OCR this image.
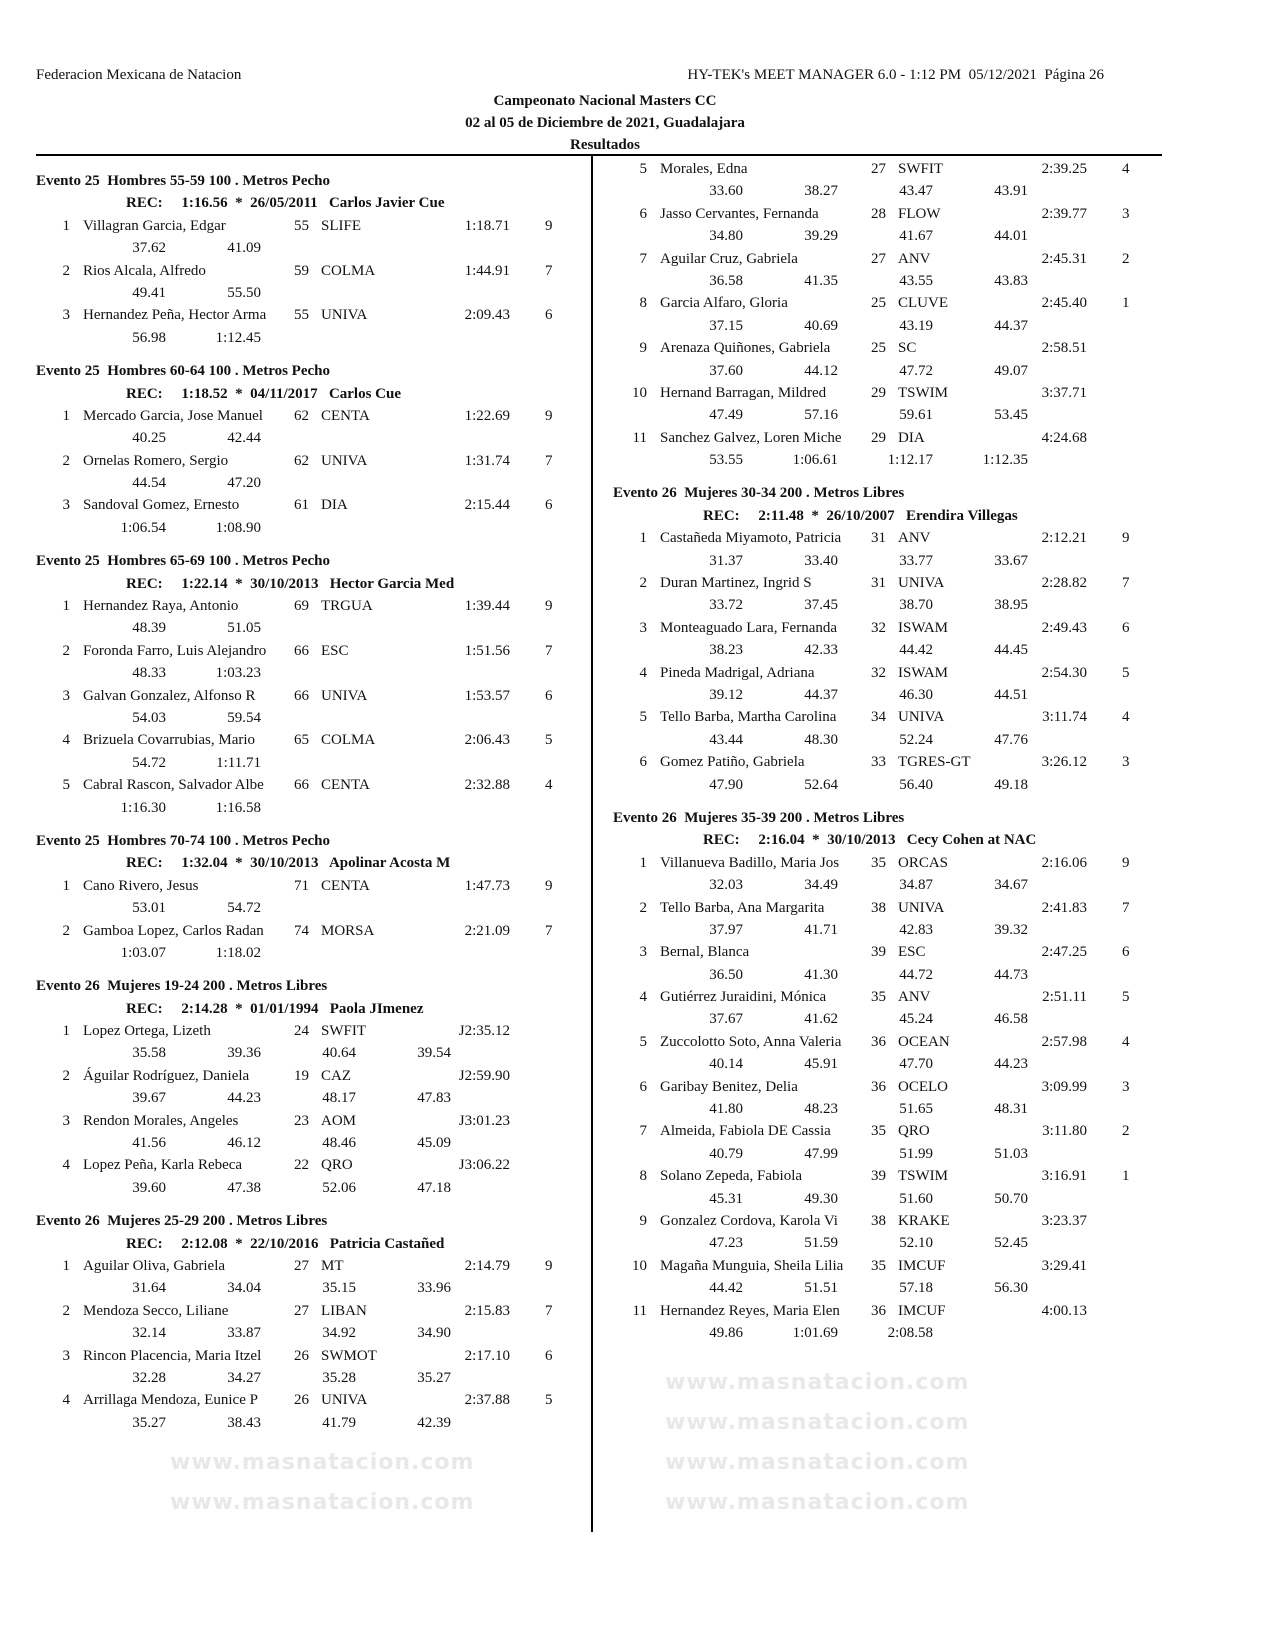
Federacion Mexicana de Natacion	HY-TEK's MEET MANAGER 6.0 - 1:12 PM  05/12/2021  Página 26
Campeonato Nacional Masters CC
02 al 05 de Diciembre de 2021, Guadalajara
Resultados
www.masnatacion.com
www.masnatacion.com
www.masnatacion.com
www.masnatacion.com
www.masnatacion.com
www.masnatacion.com
Evento 25  Hombres 55-59 100 . Metros Pecho
REC: 1:16.56 * 26/05/2011 Carlos Javier Cue
1 Villagran Garcia, Edgar	55 SLIFE	1:18.71 9
37.62	41.09
2 Rios Alcala, Alfredo	59 COLMA	1:44.91 7
49.41	55.50
3 Hernandez Peña, Hector Arma	55 UNIVA	2:09.43 6
56.98	1:12.45
Evento 25  Hombres 60-64 100 . Metros Pecho
REC: 1:18.52 * 04/11/2017 Carlos Cue
1 Mercado Garcia, Jose Manuel	62 CENTA	1:22.69 9
40.25	42.44
2 Ornelas Romero, Sergio	62 UNIVA	1:31.74 7
44.54	47.20
3 Sandoval Gomez, Ernesto	61 DIA	2:15.44 6
1:06.54	1:08.90
Evento 25  Hombres 65-69 100 . Metros Pecho
REC: 1:22.14 * 30/10/2013 Hector Garcia Med
1 Hernandez Raya, Antonio	69 TRGUA	1:39.44 9
48.39	51.05
2 Foronda Farro, Luis Alejandro	66 ESC	1:51.56 7
48.33	1:03.23
3 Galvan Gonzalez, Alfonso R	66 UNIVA	1:53.57 6
54.03	59.54
4 Brizuela Covarrubias, Mario	65 COLMA	2:06.43 5
54.72	1:11.71
5 Cabral Rascon, Salvador Albe	66 CENTA	2:32.88 4
1:16.30	1:16.58
Evento 25  Hombres 70-74 100 . Metros Pecho
REC: 1:32.04 * 30/10/2013 Apolinar Acosta M
1 Cano Rivero, Jesus	71 CENTA	1:47.73 9
53.01	54.72
2 Gamboa Lopez, Carlos Radan	74 MORSA	2:21.09 7
1:03.07	1:18.02
Evento 26  Mujeres 19-24 200 . Metros Libres
REC: 2:14.28 * 01/01/1994 Paola JImenez
1 Lopez Ortega, Lizeth	24 SWFIT	J2:35.12
35.58	39.36	40.64	39.54
2 Águilar Rodríguez, Daniela	19 CAZ	J2:59.90
39.67	44.23	48.17	47.83
3 Rendon Morales, Angeles	23 AOM	J3:01.23
41.56	46.12	48.46	45.09
4 Lopez Peña, Karla Rebeca	22 QRO	J3:06.22
39.60	47.38	52.06	47.18
Evento 26  Mujeres 25-29 200 . Metros Libres
REC: 2:12.08 * 22/10/2016 Patricia Castañed
1 Aguilar Oliva, Gabriela	27 MT	2:14.79 9
31.64	34.04	35.15	33.96
2 Mendoza Secco, Liliane	27 LIBAN	2:15.83 7
32.14	33.87	34.92	34.90
3 Rincon Placencia, Maria Itzel	26 SWMOT	2:17.10 6
32.28	34.27	35.28	35.27
4 Arrillaga Mendoza, Eunice P	26 UNIVA	2:37.88 5
35.27	38.43	41.79	42.39
5 Morales, Edna	27 SWFIT	2:39.25 4
33.60	38.27	43.47	43.91
6 Jasso Cervantes, Fernanda	28 FLOW	2:39.77 3
34.80	39.29	41.67	44.01
7 Aguilar Cruz, Gabriela	27 ANV	2:45.31 2
36.58	41.35	43.55	43.83
8 Garcia Alfaro, Gloria	25 CLUVE	2:45.40 1
37.15	40.69	43.19	44.37
9 Arenaza Quiñones, Gabriela	25 SC	2:58.51
37.60	44.12	47.72	49.07
10 Hernand Barragan, Mildred	29 TSWIM	3:37.71
47.49	57.16	59.61	53.45
11 Sanchez Galvez, Loren Miche	29 DIA	4:24.68
53.55	1:06.61	1:12.17	1:12.35
Evento 26  Mujeres 30-34 200 . Metros Libres
REC: 2:11.48 * 26/10/2007 Erendira Villegas
1 Castañeda Miyamoto, Patricia	31 ANV	2:12.21 9
31.37	33.40	33.77	33.67
2 Duran Martinez, Ingrid S	31 UNIVA	2:28.82 7
33.72	37.45	38.70	38.95
3 Monteaguado Lara, Fernanda	32 ISWAM	2:49.43 6
38.23	42.33	44.42	44.45
4 Pineda Madrigal, Adriana	32 ISWAM	2:54.30 5
39.12	44.37	46.30	44.51
5 Tello Barba, Martha Carolina	34 UNIVA	3:11.74 4
43.44	48.30	52.24	47.76
6 Gomez Patiño, Gabriela	33 TGRES-GT	3:26.12 3
47.90	52.64	56.40	49.18
Evento 26  Mujeres 35-39 200 . Metros Libres
REC: 2:16.04 * 30/10/2013 Cecy Cohen at NAC
1 Villanueva Badillo, Maria Jos	35 ORCAS	2:16.06 9
32.03	34.49	34.87	34.67
2 Tello Barba, Ana Margarita	38 UNIVA	2:41.83 7
37.97	41.71	42.83	39.32
3 Bernal, Blanca	39 ESC	2:47.25 6
36.50	41.30	44.72	44.73
4 Gutiérrez Juraidini, Mónica	35 ANV	2:51.11 5
37.67	41.62	45.24	46.58
5 Zuccolotto Soto, Anna Valeria	36 OCEAN	2:57.98 4
40.14	45.91	47.70	44.23
6 Garibay Benitez, Delia	36 OCELO	3:09.99 3
41.80	48.23	51.65	48.31
7 Almeida, Fabiola DE Cassia	35 QRO	3:11.80 2
40.79	47.99	51.99	51.03
8 Solano Zepeda, Fabiola	39 TSWIM	3:16.91 1
45.31	49.30	51.60	50.70
9 Gonzalez Cordova, Karola Vi	38 KRAKE	3:23.37
47.23	51.59	52.10	52.45
10 Magaña Munguia, Sheila Lilia	35 IMCUF	3:29.41
44.42	51.51	57.18	56.30
11 Hernandez Reyes, Maria Elen	36 IMCUF	4:00.13
49.86	1:01.69	2:08.58
